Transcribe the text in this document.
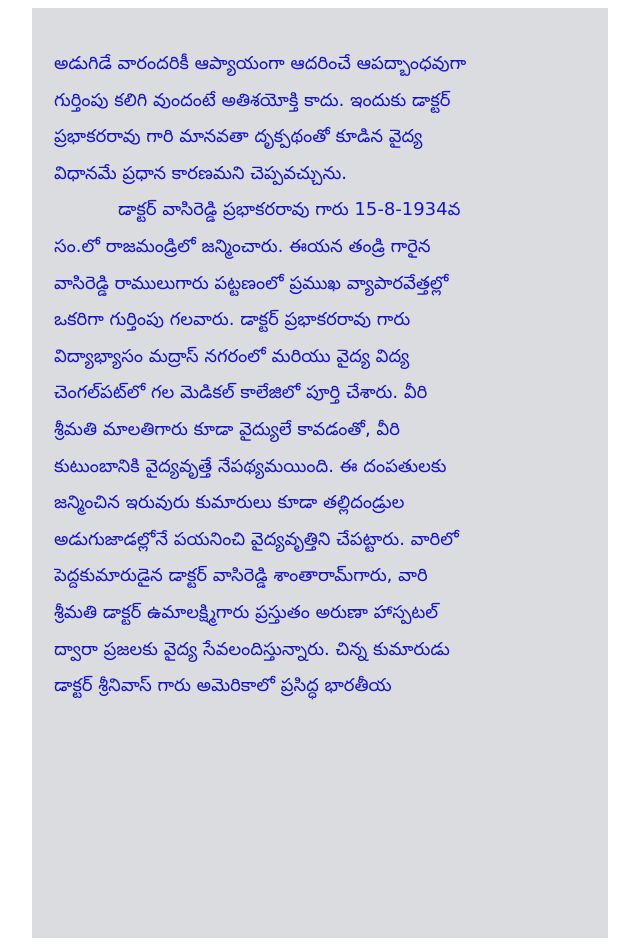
అడుగిడే వారందరికీ ఆప్యాయంగా ఆదరించే ఆపద్బాంధవుగా
గుర్తింపు కలిగి వుందంటే అతిశయోక్తి కాదు. ఇందుకు డాక్టర్
ప్రభాకరరావు గారి మానవతా దృక్పథంతో కూడిన వైద్య
విధానమే ప్రధాన కారణమని చెప్పవచ్చును.
డాక్టర్ వాసిరెడ్డి ప్రభాకరరావు గారు 15-8-1934వ
సం.లో రాజమండ్రిలో జన్మించారు. ఈయన తండ్రి గారైన
వాసిరెడ్డి రాములుగారు పట్టణంలో ప్రముఖ వ్యాపారవేత్తల్లో
ఒకరిగా గుర్తింపు గలవారు. డాక్టర్ ప్రభాకరరావు గారు
విద్యాభ్యాసం మద్రాస్ నగరంలో మరియు వైద్య విద్య
చెంగల్‌పట్‌లో గల మెడికల్ కాలేజిలో పూర్తి చేశారు. వీరి
శ్రీమతి మాలతిగారు కూడా వైద్యులే కావడంతో, వీరి
కుటుంబానికి వైద్యవృత్తే నేపథ్యమయింది. ఈ దంపతులకు
జన్మించిన ఇరువురు కుమారులు కూడా తల్లిదండ్రుల
అడుగుజాడల్లోనే పయనించి వైద్యవృత్తిని చేపట్టారు. వారిలో
పెద్దకుమారుడైన డాక్టర్ వాసిరెడ్డి శాంతారామ్‌గారు, వారి
శ్రీమతి డాక్టర్ ఉమాలక్ష్మిగారు ప్రస్తుతం అరుణా హాస్పటల్
ద్వారా ప్రజలకు వైద్య సేవలందిస్తున్నారు. చిన్న కుమారుడు
డాక్టర్ శ్రీనివాస్ గారు అమెరికాలో ప్రసిద్ధ భారతీయ
